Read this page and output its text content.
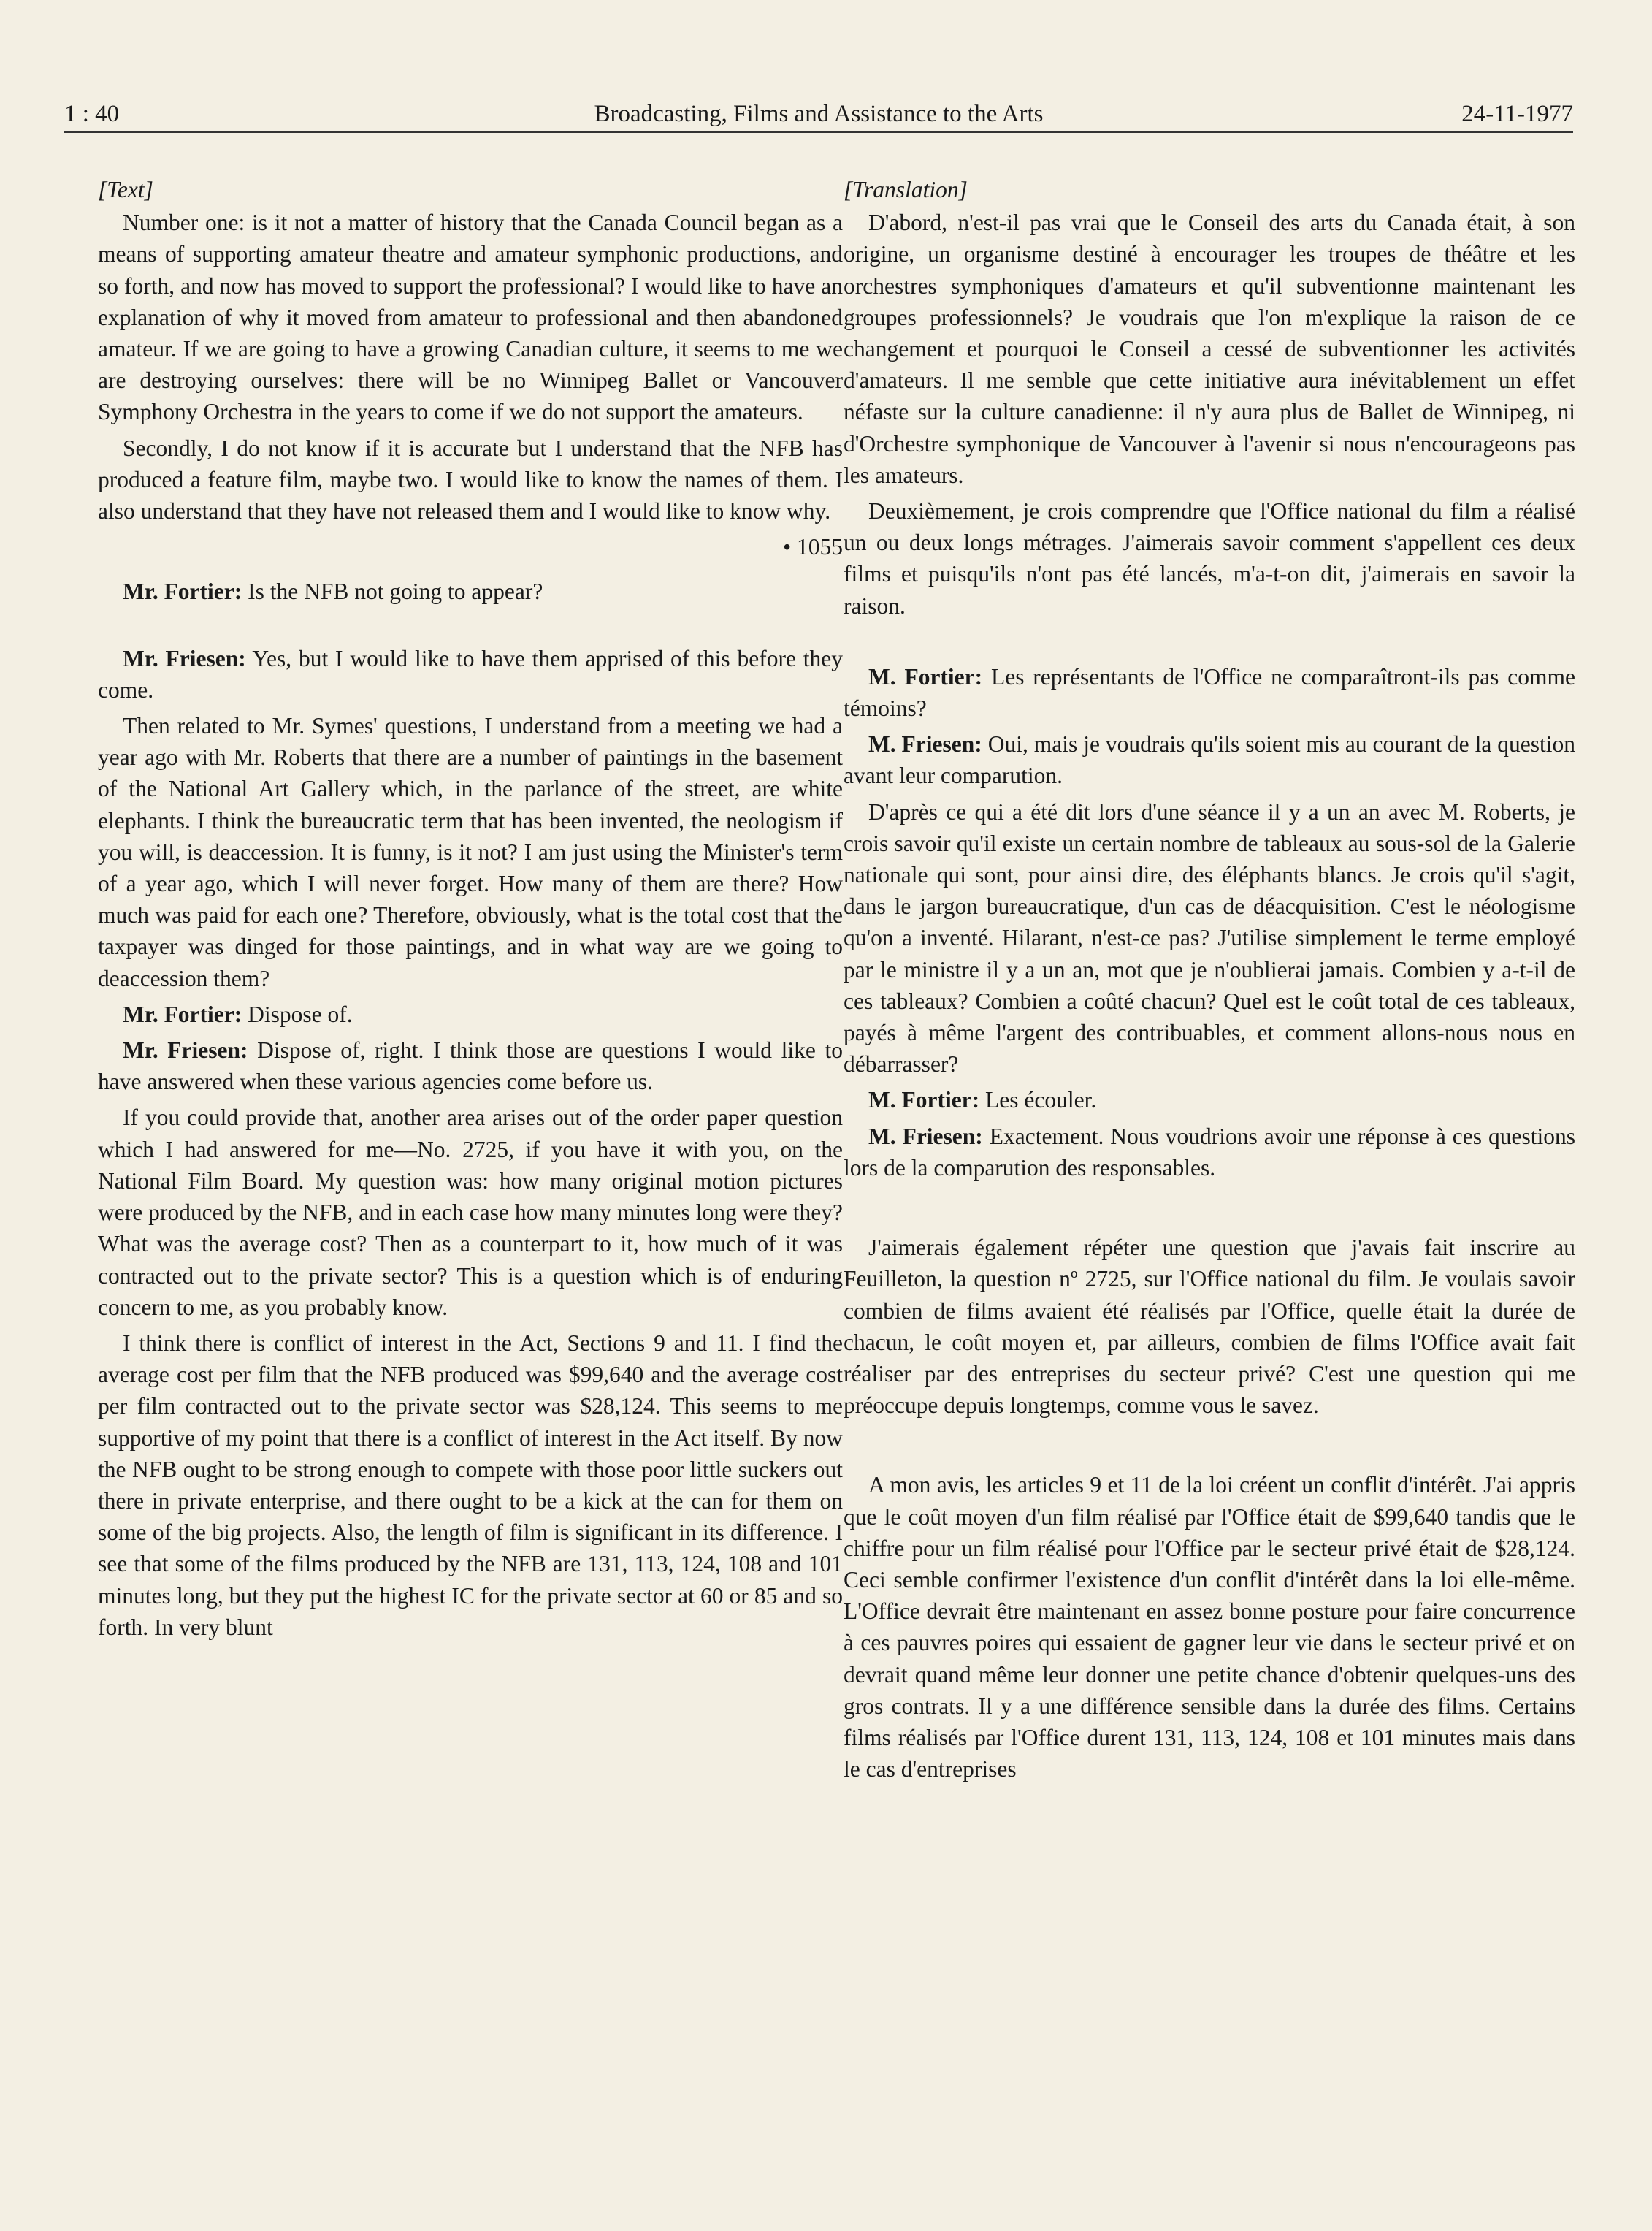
1 : 40	Broadcasting, Films and Assistance to the Arts	24-11-1977

[Text]

Number one: is it not a matter of history that the Canada Council began as a means of supporting amateur theatre and amateur symphonic productions, and so forth, and now has moved to support the professional? I would like to have an explanation of why it moved from amateur to professional and then abandoned amateur. If we are going to have a growing Canadian culture, it seems to me we are destroying ourselves: there will be no Winnipeg Ballet or Vancouver Symphony Orchestra in the years to come if we do not support the amateurs.

Secondly, I do not know if it is accurate but I understand that the NFB has produced a feature film, maybe two. I would like to know the names of them. I also understand that they have not released them and I would like to know why.

• 1055

Mr. Fortier: Is the NFB not going to appear?

Mr. Friesen: Yes, but I would like to have them apprised of this before they come.

Then related to Mr. Symes' questions, I understand from a meeting we had a year ago with Mr. Roberts that there are a number of paintings in the basement of the National Art Gallery which, in the parlance of the street, are white elephants. I think the bureaucratic term that has been invented, the neologism if you will, is deaccession. It is funny, is it not? I am just using the Minister's term of a year ago, which I will never forget. How many of them are there? How much was paid for each one? Therefore, obviously, what is the total cost that the taxpayer was dinged for those paintings, and in what way are we going to deaccession them?

Mr. Fortier: Dispose of.

Mr. Friesen: Dispose of, right. I think those are questions I would like to have answered when these various agencies come before us.

If you could provide that, another area arises out of the order paper question which I had answered for me—No. 2725, if you have it with you, on the National Film Board. My question was: how many original motion pictures were produced by the NFB, and in each case how many minutes long were they? What was the average cost? Then as a counterpart to it, how much of it was contracted out to the private sector? This is a question which is of enduring concern to me, as you probably know.

I think there is conflict of interest in the Act, Sections 9 and 11. I find the average cost per film that the NFB produced was $99,640 and the average cost per film contracted out to the private sector was $28,124. This seems to me supportive of my point that there is a conflict of interest in the Act itself. By now the NFB ought to be strong enough to compete with those poor little suckers out there in private enterprise, and there ought to be a kick at the can for them on some of the big projects. Also, the length of film is significant in its difference. I see that some of the films produced by the NFB are 131, 113, 124, 108 and 101 minutes long, but they put the highest IC for the private sector at 60 or 85 and so forth. In very blunt

[Translation]

D'abord, n'est-il pas vrai que le Conseil des arts du Canada était, à son origine, un organisme destiné à encourager les troupes de théâtre et les orchestres symphoniques d'amateurs et qu'il subventionne maintenant les groupes professionnels? Je voudrais que l'on m'explique la raison de ce changement et pourquoi le Conseil a cessé de subventionner les activités d'amateurs. Il me semble que cette initiative aura inévitablement un effet néfaste sur la culture canadienne: il n'y aura plus de Ballet de Winnipeg, ni d'Orchestre symphonique de Vancouver à l'avenir si nous n'encourageons pas les amateurs.

Deuxièmement, je crois comprendre que l'Office national du film a réalisé un ou deux longs métrages. J'aimerais savoir comment s'appellent ces deux films et puisqu'ils n'ont pas été lancés, m'a-t-on dit, j'aimerais en savoir la raison.

M. Fortier: Les représentants de l'Office ne comparaîtront-ils pas comme témoins?

M. Friesen: Oui, mais je voudrais qu'ils soient mis au courant de la question avant leur comparution.

D'après ce qui a été dit lors d'une séance il y a un an avec M. Roberts, je crois savoir qu'il existe un certain nombre de tableaux au sous-sol de la Galerie nationale qui sont, pour ainsi dire, des éléphants blancs. Je crois qu'il s'agit, dans le jargon bureaucratique, d'un cas de déacquisition. C'est le néologisme qu'on a inventé. Hilarant, n'est-ce pas? J'utilise simplement le terme employé par le ministre il y a un an, mot que je n'oublierai jamais. Combien y a-t-il de ces tableaux? Combien a coûté chacun? Quel est le coût total de ces tableaux, payés à même l'argent des contribuables, et comment allons-nous nous en débarrasser?

M. Fortier: Les écouler.

M. Friesen: Exactement. Nous voudrions avoir une réponse à ces questions lors de la comparution des responsables.

J'aimerais également répéter une question que j'avais fait inscrire au Feuilleton, la question nº 2725, sur l'Office national du film. Je voulais savoir combien de films avaient été réalisés par l'Office, quelle était la durée de chacun, le coût moyen et, par ailleurs, combien de films l'Office avait fait réaliser par des entreprises du secteur privé? C'est une question qui me préoccupe depuis longtemps, comme vous le savez.

A mon avis, les articles 9 et 11 de la loi créent un conflit d'intérêt. J'ai appris que le coût moyen d'un film réalisé par l'Office était de $99,640 tandis que le chiffre pour un film réalisé pour l'Office par le secteur privé était de $28,124. Ceci semble confirmer l'existence d'un conflit d'intérêt dans la loi elle-même. L'Office devrait être maintenant en assez bonne posture pour faire concurrence à ces pauvres poires qui essaient de gagner leur vie dans le secteur privé et on devrait quand même leur donner une petite chance d'obtenir quelques-uns des gros contrats. Il y a une différence sensible dans la durée des films. Certains films réalisés par l'Office durent 131, 113, 124, 108 et 101 minutes mais dans le cas d'entreprises
